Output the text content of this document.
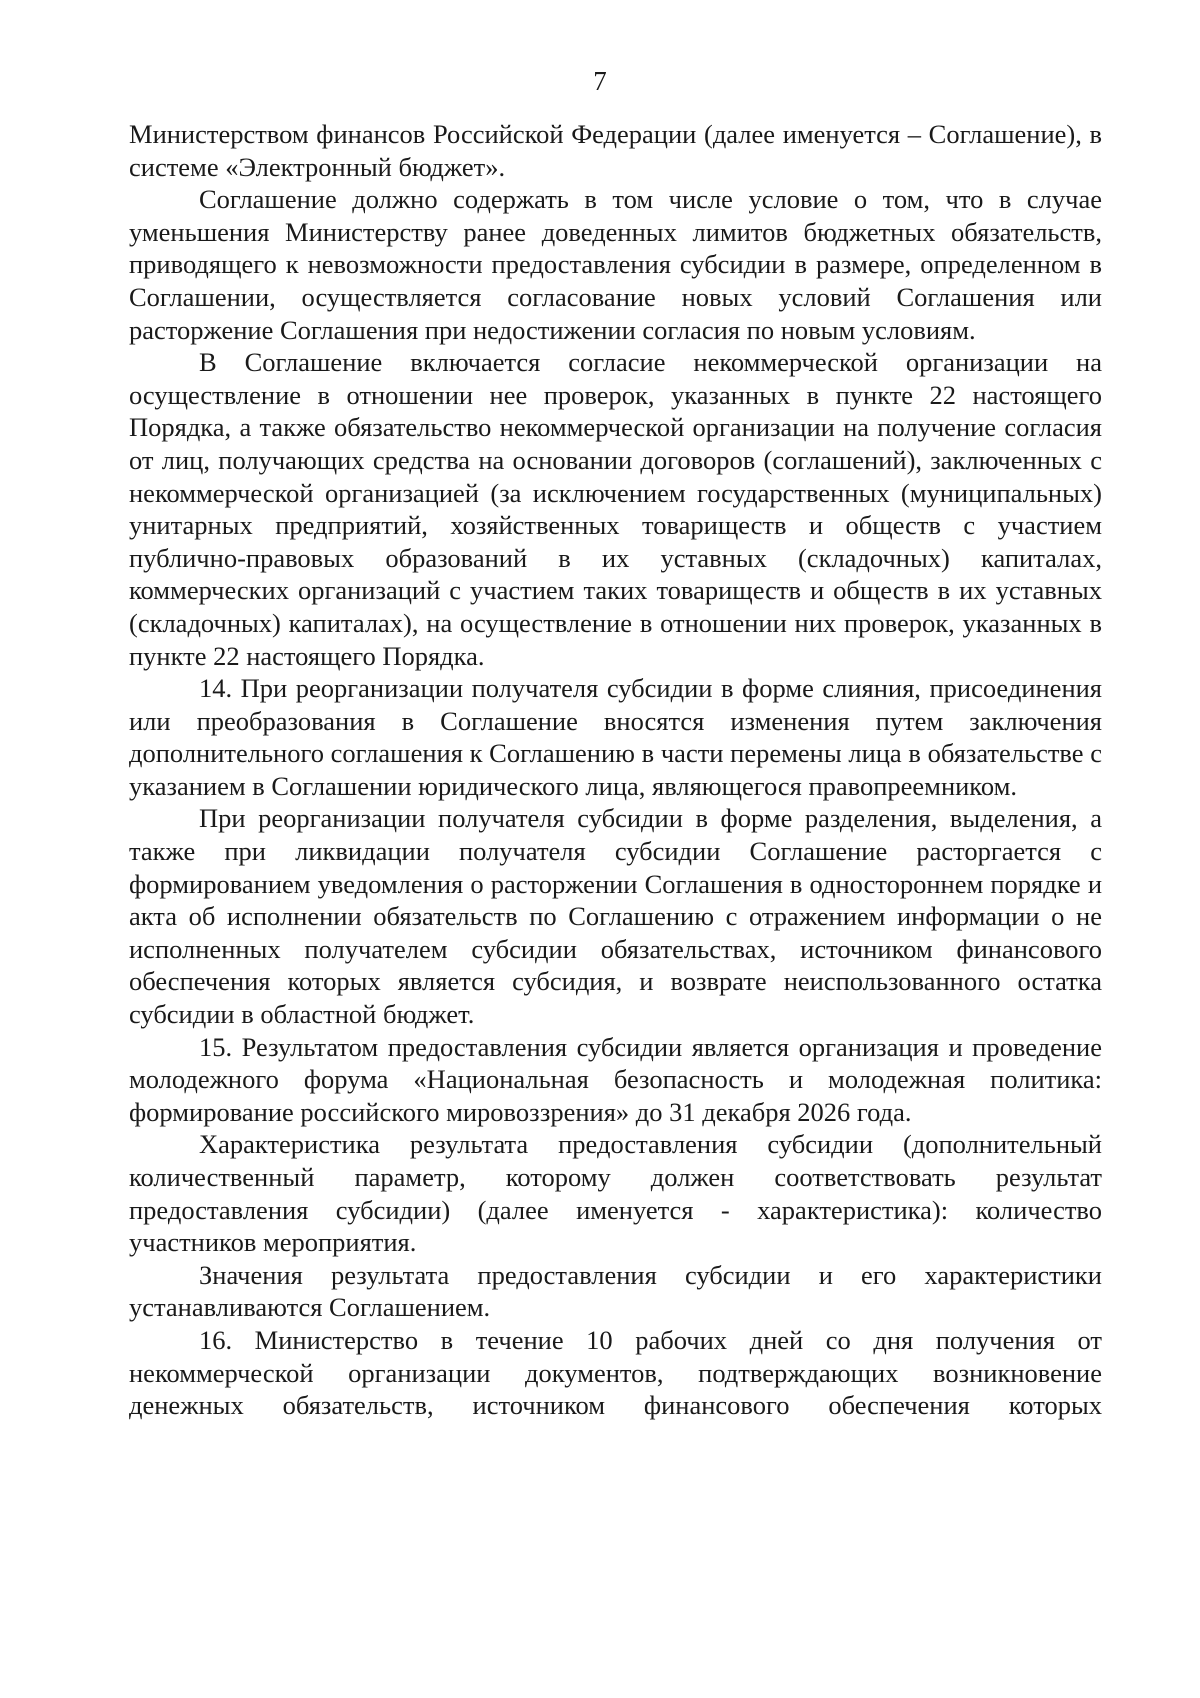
7

Министерством финансов Российской Федерации (далее именуется – Соглашение), в системе «Электронный бюджет».

Соглашение должно содержать в том числе условие о том, что в случае уменьшения Министерству ранее доведенных лимитов бюджетных обязательств, приводящего к невозможности предоставления субсидии в размере, определенном в Соглашении, осуществляется согласование новых условий Соглашения или расторжение Соглашения при недостижении согласия по новым условиям.

В Соглашение включается согласие некоммерческой организации на осуществление в отношении нее проверок, указанных в пункте 22 настоящего Порядка, а также обязательство некоммерческой организации на получение согласия от лиц, получающих средства на основании договоров (соглашений), заключенных с некоммерческой организацией (за исключением государственных (муниципальных) унитарных предприятий, хозяйственных товариществ и обществ с участием публично-правовых образований в их уставных (складочных) капиталах, коммерческих организаций с участием таких товариществ и обществ в их уставных (складочных) капиталах), на осуществление в отношении них проверок, указанных в пункте 22 настоящего Порядка.

14. При реорганизации получателя субсидии в форме слияния, присоединения или преобразования в Соглашение вносятся изменения путем заключения дополнительного соглашения к Соглашению в части перемены лица в обязательстве с указанием в Соглашении юридического лица, являющегося правопреемником.

При реорганизации получателя субсидии в форме разделения, выделения, а также при ликвидации получателя субсидии Соглашение расторгается с формированием уведомления о расторжении Соглашения в одностороннем порядке и акта об исполнении обязательств по Соглашению с отражением информации о не исполненных получателем субсидии обязательствах, источником финансового обеспечения которых является субсидия, и возврате неиспользованного остатка субсидии в областной бюджет.

15. Результатом предоставления субсидии является организация и проведение молодежного форума «Национальная безопасность и молодежная политика: формирование российского мировоззрения» до 31 декабря 2026 года.

Характеристика результата предоставления субсидии (дополнительный количественный параметр, которому должен соответствовать результат предоставления субсидии) (далее именуется - характеристика): количество участников мероприятия.

Значения результата предоставления субсидии и его характеристики устанавливаются Соглашением.

16. Министерство в течение 10 рабочих дней со дня получения от некоммерческой организации документов, подтверждающих возникновение денежных обязательств, источником финансового обеспечения которых
